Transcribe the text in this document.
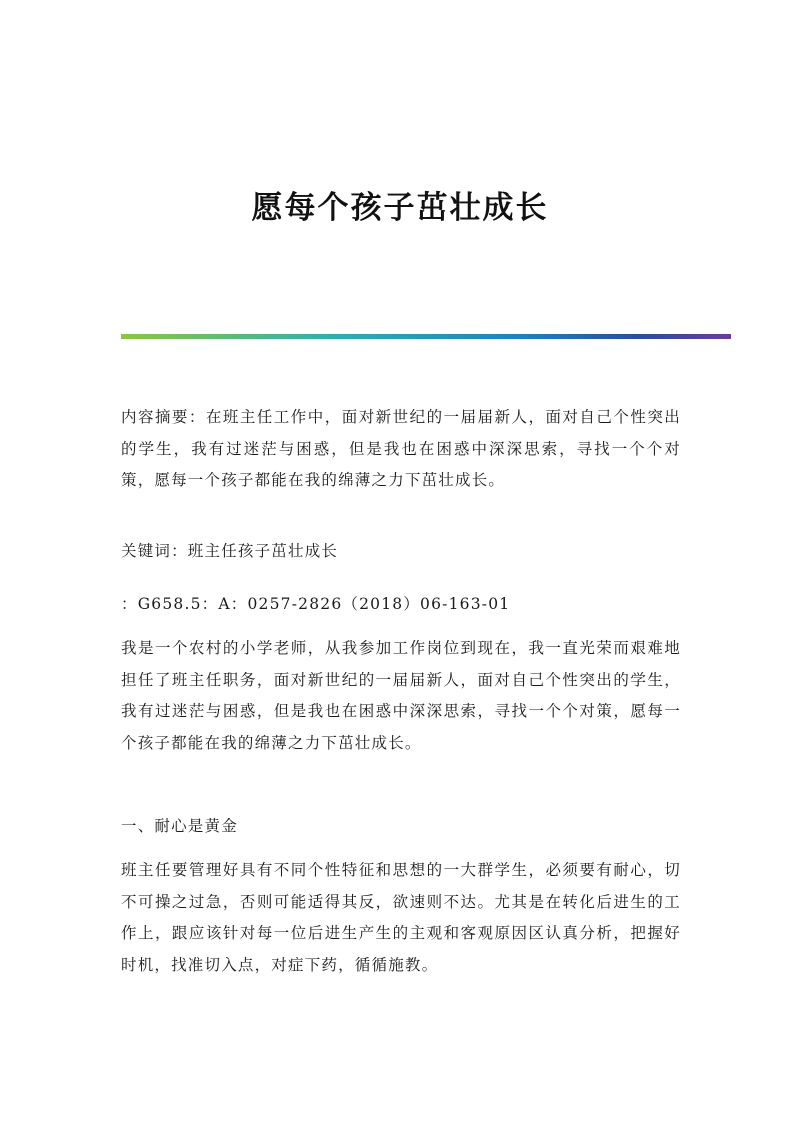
愿每个孩子茁壮成长

内容摘要：在班主任工作中，面对新世纪的一届届新人，面对自己个性突出的学生，我有过迷茫与困惑，但是我也在困惑中深深思索，寻找一个个对策，愿每一个孩子都能在我的绵薄之力下茁壮成长。

关键词：班主任孩子茁壮成长

：G658.5：A：0257-2826（2018）06-163-01

我是一个农村的小学老师，从我参加工作岗位到现在，我一直光荣而艰难地担任了班主任职务，面对新世纪的一届届新人，面对自己个性突出的学生，我有过迷茫与困惑，但是我也在困惑中深深思索，寻找一个个对策，愿每一个孩子都能在我的绵薄之力下茁壮成长。

一、耐心是黄金

班主任要管理好具有不同个性特征和思想的一大群学生，必须要有耐心，切不可操之过急，否则可能适得其反，欲速则不达。尤其是在转化后进生的工作上，跟应该针对每一位后进生产生的主观和客观原因区认真分析，把握好时机，找准切入点，对症下药，循循施教。
